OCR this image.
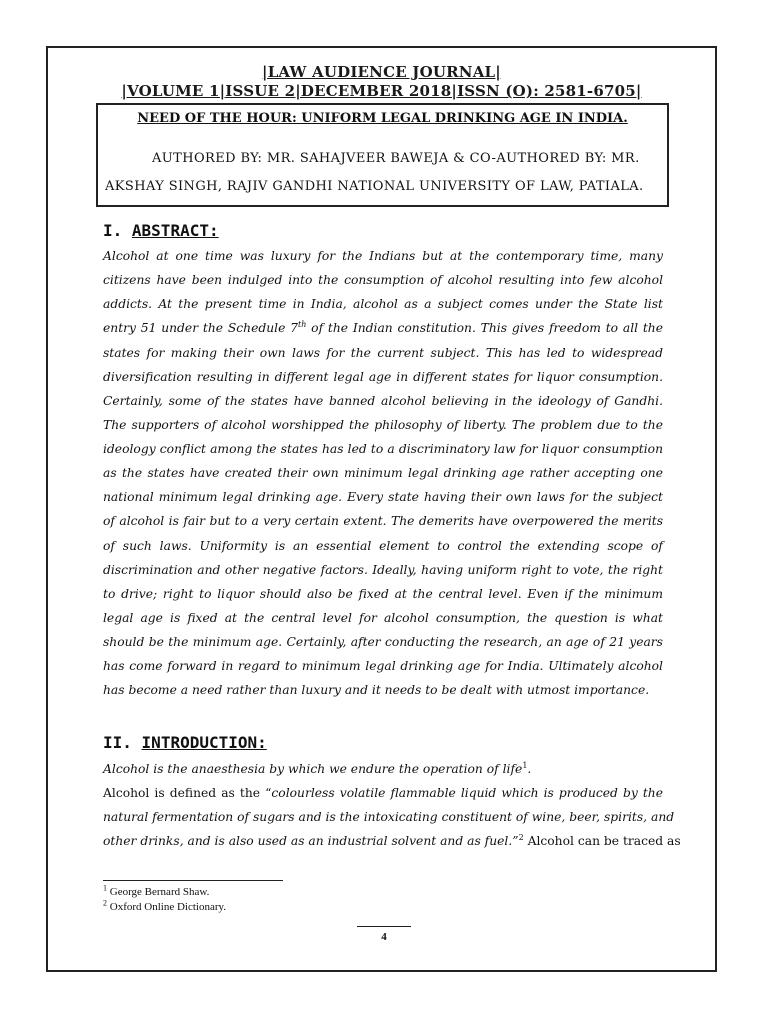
|LAW AUDIENCE JOURNAL|
|VOLUME 1|ISSUE 2|DECEMBER 2018|ISSN (O): 2581-6705|
NEED OF THE HOUR: UNIFORM LEGAL DRINKING AGE IN INDIA.
AUTHORED BY: MR. SAHAJVEER BAWEJA & CO-AUTHORED BY: MR.
AKSHAY SINGH, RAJIV GANDHI NATIONAL UNIVERSITY OF LAW, PATIALA.
I. ABSTRACT:
Alcohol at one time was luxury for the Indians but at the contemporary time, many citizens have been indulged into the consumption of alcohol resulting into few alcohol addicts. At the present time in India, alcohol as a subject comes under the State list entry 51 under the Schedule 7th of the Indian constitution. This gives freedom to all the states for making their own laws for the current subject. This has led to widespread diversification resulting in different legal age in different states for liquor consumption. Certainly, some of the states have banned alcohol believing in the ideology of Gandhi. The supporters of alcohol worshipped the philosophy of liberty. The problem due to the ideology conflict among the states has led to a discriminatory law for liquor consumption as the states have created their own minimum legal drinking age rather accepting one national minimum legal drinking age. Every state having their own laws for the subject of alcohol is fair but to a very certain extent. The demerits have overpowered the merits of such laws. Uniformity is an essential element to control the extending scope of discrimination and other negative factors. Ideally, having uniform right to vote, the right to drive; right to liquor should also be fixed at the central level. Even if the minimum legal age is fixed at the central level for alcohol consumption, the question is what should be the minimum age. Certainly, after conducting the research, an age of 21 years has come forward in regard to minimum legal drinking age for India. Ultimately alcohol has become a need rather than luxury and it needs to be dealt with utmost importance.
II. INTRODUCTION:
Alcohol is the anaesthesia by which we endure the operation of life$^1$.
Alcohol is defined as the “colourless volatile flammable liquid which is produced by the
natural fermentation of sugars and is the intoxicating constituent of wine, beer, spirits, and
other drinks, and is also used as an industrial solvent and as fuel.”$^2$ Alcohol can be traced as
$^1$ George Bernard Shaw.
$^2$ Oxford Online Dictionary.
4
